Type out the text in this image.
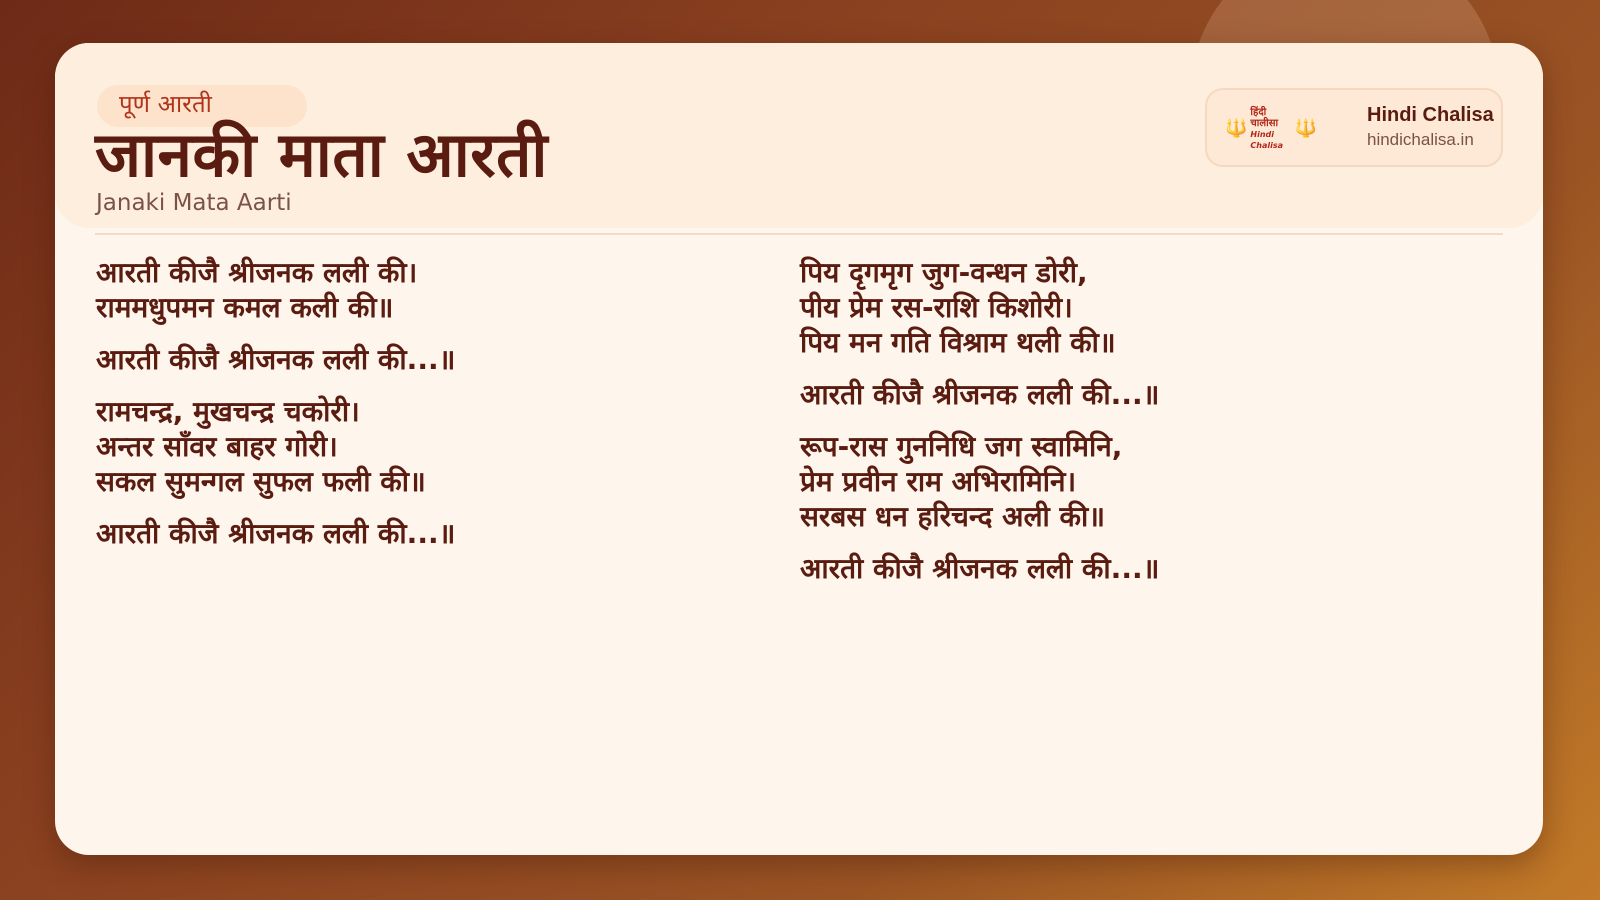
पूर्ण आरती
जानकी माता आरती
Janaki Mata Aarti
🔱
हिंदी चालीसा
Hindi Chalisa
🔱
Hindi Chalisa
hindichalisa.in
आरती कीजै श्रीजनक लली की।
राममधुपमन कमल कली की॥
आरती कीजै श्रीजनक लली की...॥
रामचन्द्र, मुखचन्द्र चकोरी।
अन्तर साँवर बाहर गोरी।
सकल सुमन्गल सुफल फली की॥
आरती कीजै श्रीजनक लली की...॥
पिय दृगमृग जुग-वन्धन डोरी,
पीय प्रेम रस-राशि किशोरी।
पिय मन गति विश्राम थली की॥
आरती कीजै श्रीजनक लली की...॥
रूप-रास गुननिधि जग स्वामिनि,
प्रेम प्रवीन राम अभिरामिनि।
सरबस धन हरिचन्द अली की॥
आरती कीजै श्रीजनक लली की...॥
